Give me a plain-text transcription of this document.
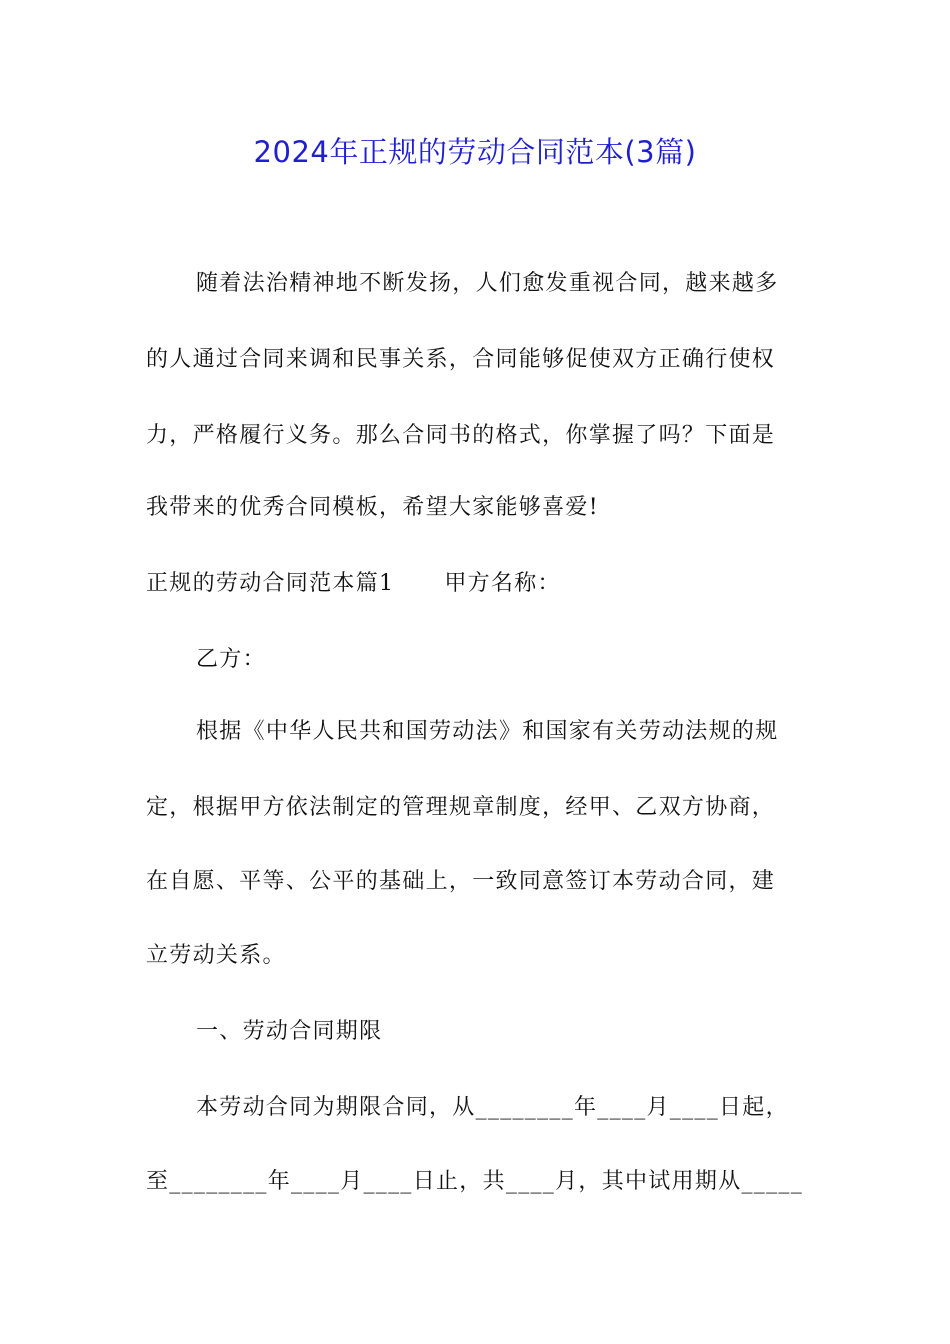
2024年正规的劳动合同范本(3篇)
随着法治精神地不断发扬，人们愈发重视合同，越来越多
的人通过合同来调和民事关系，合同能够促使双方正确行使权
力，严格履行义务。那么合同书的格式，你掌握了吗？下面是
我带来的优秀合同模板，希望大家能够喜爱!
正规的劳动合同范本篇1 甲方名称：
乙方：
根据《中华人民共和国劳动法》和国家有关劳动法规的规
定，根据甲方依法制定的管理规章制度，经甲、乙双方协商，
在自愿、平等、公平的基础上，一致同意签订本劳动合同，建
立劳动关系。
一、劳动合同期限
本劳动合同为期限合同，从________年____月____日起，
至________年____月____日止，共____月，其中试用期从_____
